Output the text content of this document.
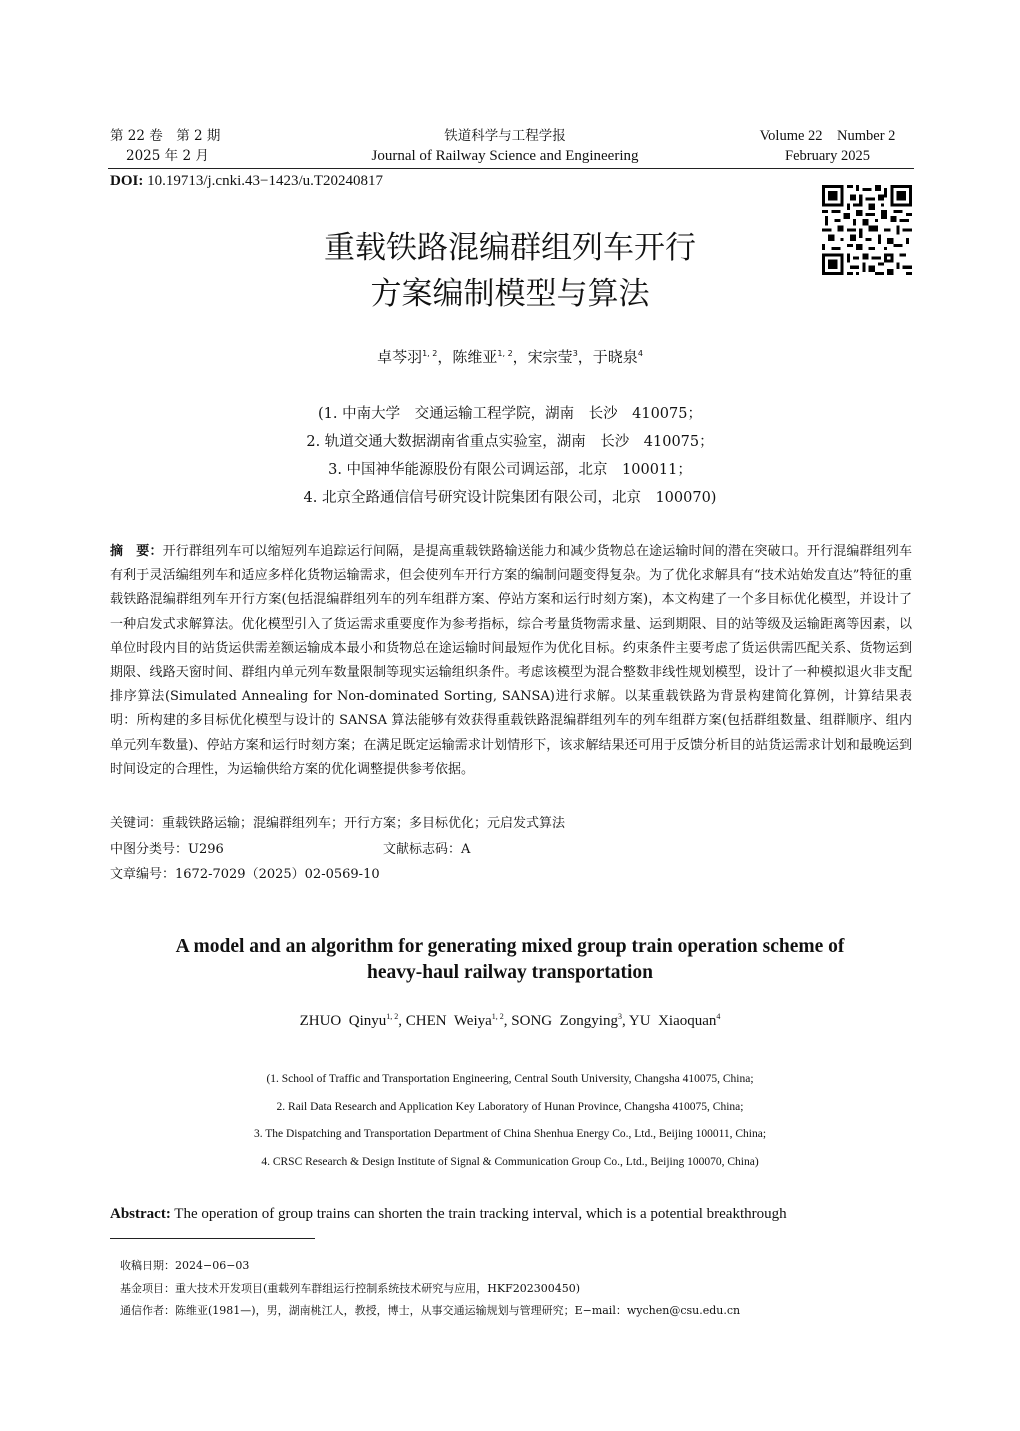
第 22 卷　第 2 期
2025 年 2 月
铁道科学与工程学报
Journal of Railway Science and Engineering
Volume 22　Number 2
February 2025
DOI: 10.19713/j.cnki.43−1423/u.T20240817
重载铁路混编群组列车开行
方案编制模型与算法
卓芩羽$^{1, 2}$，陈维亚$^{1, 2}$，宋宗莹$^3$，于晓泉$^4$
(1. 中南大学　交通运输工程学院，湖南　长沙　410075；
2. 轨道交通大数据湖南省重点实验室，湖南　长沙　410075；
3. 中国神华能源股份有限公司调运部，北京　100011；
4. 北京全路通信信号研究设计院集团有限公司，北京　100070)
摘　要：开行群组列车可以缩短列车追踪运行间隔，是提高重载铁路输送能力和减少货物总在途运输时间的潜在突破口。开行混编群组列车有利于灵活编组列车和适应多样化货物运输需求，但会使列车开行方案的编制问题变得复杂。为了优化求解具有“技术站始发直达”特征的重载铁路混编群组列车开行方案(包括混编群组列车的列车组群方案、停站方案和运行时刻方案)，本文构建了一个多目标优化模型，并设计了一种启发式求解算法。优化模型引入了货运需求重要度作为参考指标，综合考量货物需求量、运到期限、目的站等级及运输距离等因素，以单位时段内目的站货运供需差额运输成本最小和货物总在途运输时间最短作为优化目标。约束条件主要考虑了货运供需匹配关系、货物运到期限、线路天窗时间、群组内单元列车数量限制等现实运输组织条件。考虑该模型为混合整数非线性规划模型，设计了一种模拟退火非支配排序算法(Simulated Annealing for Non-dominated Sorting, SANSA)进行求解。以某重载铁路为背景构建简化算例，计算结果表明：所构建的多目标优化模型与设计的 SANSA 算法能够有效获得重载铁路混编群组列车的列车组群方案(包括群组数量、组群顺序、组内单元列车数量)、停站方案和运行时刻方案；在满足既定运输需求计划情形下，该求解结果还可用于反馈分析目的站货运需求计划和最晚运到时间设定的合理性，为运输供给方案的优化调整提供参考依据。
关键词：重载铁路运输；混编群组列车；开行方案；多目标优化；元启发式算法
中图分类号：U296	文献标志码：A
文章编号：1672-7029（2025）02-0569-10
A model and an algorithm for generating mixed group train operation scheme of
heavy-haul railway transportation
ZHUO  Qinyu$^{1, 2}$, CHEN  Weiya$^{1, 2}$, SONG  Zongying$^3$, YU  Xiaoquan$^4$
(1. School of Traffic and Transportation Engineering, Central South University, Changsha 410075, China;
2. Rail Data Research and Application Key Laboratory of Hunan Province, Changsha 410075, China;
3. The Dispatching and Transportation Department of China Shenhua Energy Co., Ltd., Beijing 100011, China;
4. CRSC Research & Design Institute of Signal & Communication Group Co., Ltd., Beijing 100070, China)
Abstract: The operation of group trains can shorten the train tracking interval, which is a potential breakthrough
收稿日期：2024−06−03
基金项目：重大技术开发项目(重载列车群组运行控制系统技术研究与应用，HKF202300450)
通信作者：陈维亚(1981—)，男，湖南桃江人，教授，博士，从事交通运输规划与管理研究；E−mail：wychen@csu.edu.cn
